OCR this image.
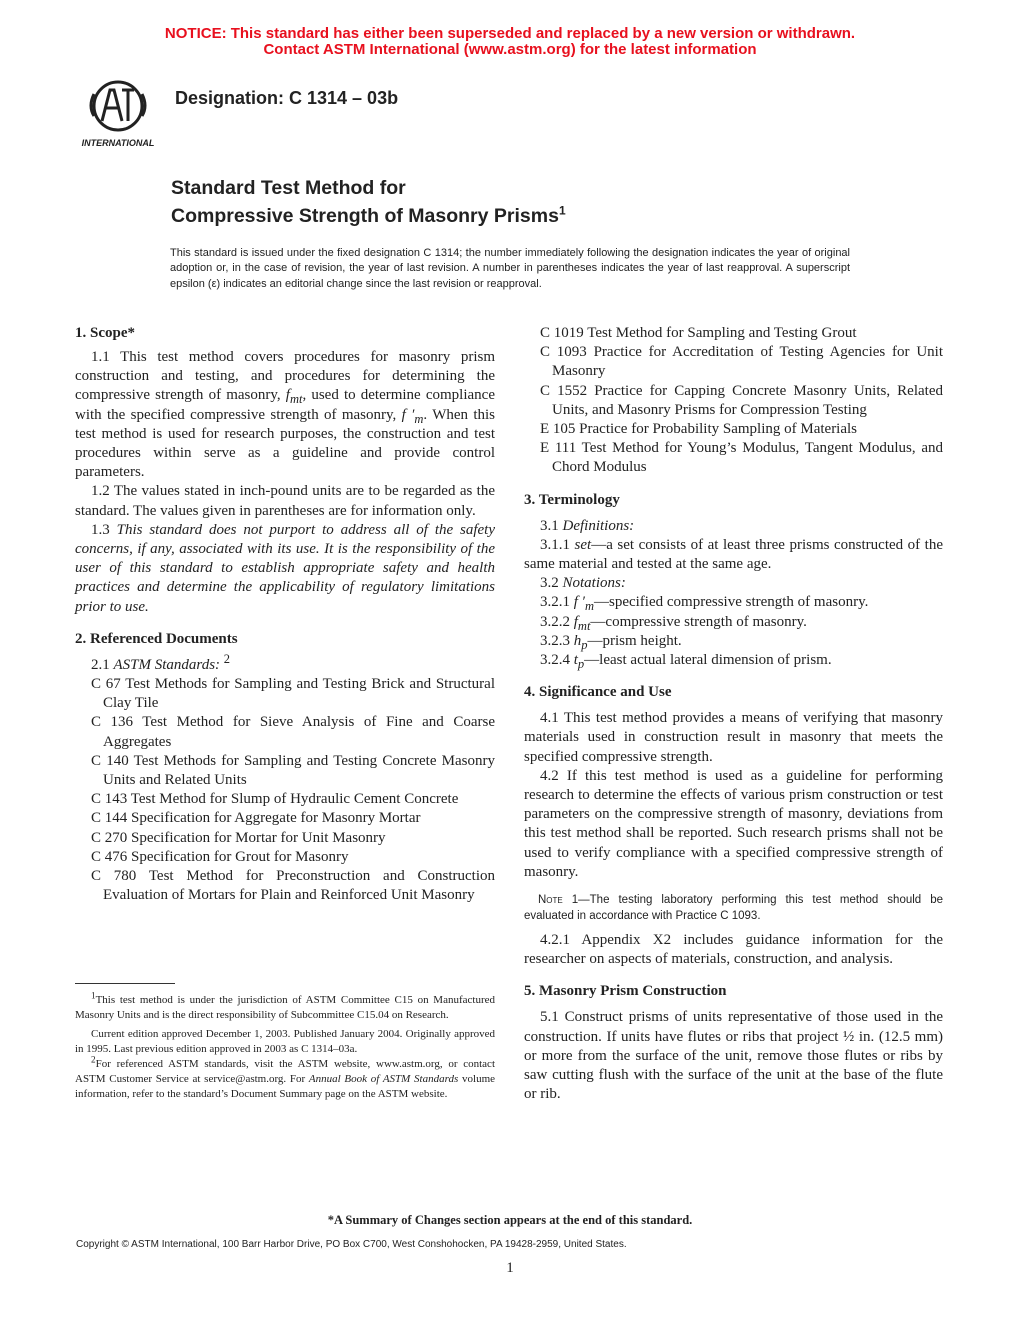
NOTICE: This standard has either been superseded and replaced by a new version or withdrawn.
Contact ASTM International (www.astm.org) for the latest information
INTERNATIONAL
Designation: C 1314 – 03b
Standard Test Method for
Compressive Strength of Masonry Prisms$^1$
This standard is issued under the fixed designation C 1314; the number immediately following the designation indicates the year of original adoption or, in the case of revision, the year of last revision. A number in parentheses indicates the year of last reapproval. A superscript epsilon (ε) indicates an editorial change since the last revision or reapproval.
1. Scope*

1.1 This test method covers procedures for masonry prism construction and testing, and procedures for determining the compressive strength of masonry, $f_{mt}$, used to determine compliance with the specified compressive strength of masonry, f $'_m$. When this test method is used for research purposes, the construction and test procedures within serve as a guideline and provide control parameters.

1.2 The values stated in inch-pound units are to be regarded as the standard. The values given in parentheses are for information only.

1.3 This standard does not purport to address all of the safety concerns, if any, associated with its use. It is the responsibility of the user of this standard to establish appropriate safety and health practices and determine the applicability of regulatory limitations prior to use.

2. Referenced Documents

2.1 ASTM Standards: $^2$

C 67 Test Methods for Sampling and Testing Brick and Structural Clay Tile

C 136 Test Method for Sieve Analysis of Fine and Coarse Aggregates

C 140 Test Methods for Sampling and Testing Concrete Masonry Units and Related Units

C 143 Test Method for Slump of Hydraulic Cement Concrete

C 144 Specification for Aggregate for Masonry Mortar

C 270 Specification for Mortar for Unit Masonry

C 476 Specification for Grout for Masonry

C 780 Test Method for Preconstruction and Construction Evaluation of Mortars for Plain and Reinforced Unit Masonry

$^1$This test method is under the jurisdiction of ASTM Committee C15 on Manufactured Masonry Units and is the direct responsibility of Subcommittee C15.04 on Research.

Current edition approved December 1, 2003. Published January 2004. Originally approved in 1995. Last previous edition approved in 2003 as C 1314–03a.

$^2$For referenced ASTM standards, visit the ASTM website, www.astm.org, or contact ASTM Customer Service at service@astm.org. For Annual Book of ASTM Standards volume information, refer to the standard’s Document Summary page on the ASTM website.

C 1019 Test Method for Sampling and Testing Grout

C 1093 Practice for Accreditation of Testing Agencies for Unit Masonry

C 1552 Practice for Capping Concrete Masonry Units, Related Units, and Masonry Prisms for Compression Testing

E 105 Practice for Probability Sampling of Materials

E 111 Test Method for Young’s Modulus, Tangent Modulus, and Chord Modulus

3. Terminology

3.1 Definitions:

3.1.1 set—a set consists of at least three prisms constructed of the same material and tested at the same age.

3.2 Notations:

3.2.1 f $'_m—specified$ compressive strength of masonry.

3.2.2 $f_{mt}—compressive$ strength of masonry.

3.2.3 $h_p—prism$ height.

3.2.4 $t_p—least$ actual lateral dimension of prism.

4. Significance and Use

4.1 This test method provides a means of verifying that masonry materials used in construction result in masonry that meets the specified compressive strength.

4.2 If this test method is used as a guideline for performing research to determine the effects of various prism construction or test parameters on the compressive strength of masonry, deviations from this test method shall be reported. Such research prisms shall not be used to verify compliance with a specified compressive strength of masonry.

Note 1—The testing laboratory performing this test method should be evaluated in accordance with Practice C 1093.

4.2.1 Appendix X2 includes guidance information for the researcher on aspects of materials, construction, and analysis.

5. Masonry Prism Construction

5.1 Construct prisms of units representative of those used in the construction. If units have flutes or ribs that project ½ in. (12.5 mm) or more from the surface of the unit, remove those flutes or ribs by saw cutting flush with the surface of the unit at the base of the flute or rib.

*A Summary of Changes section appears at the end of this standard.
Copyright © ASTM International, 100 Barr Harbor Drive, PO Box C700, West Conshohocken, PA 19428-2959, United States.
1
